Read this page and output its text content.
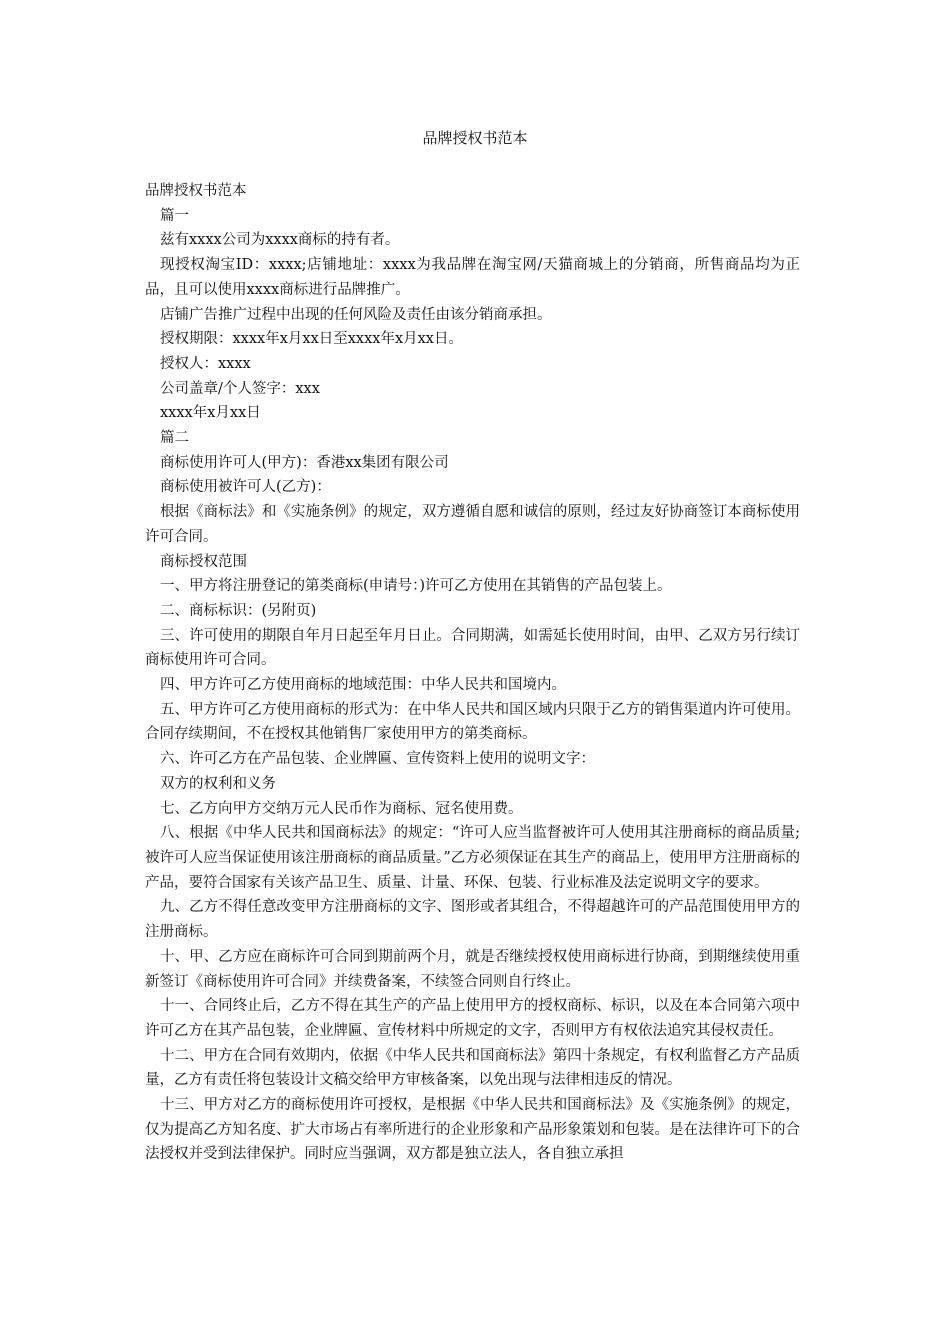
品牌授权书范本

品牌授权书范本

篇一

兹有xxxx公司为xxxx商标的持有者。

现授权淘宝ID：xxxx;店铺地址：xxxx为我品牌在淘宝网/天猫商城上的分销商，所售商品均为正品，且可以使用xxxx商标进行品牌推广。

店铺广告推广过程中出现的任何风险及责任由该分销商承担。

授权期限：xxxx年x月xx日至xxxx年x月xx日。

授权人：xxxx

公司盖章/个人签字：xxx

xxxx年x月xx日

篇二

商标使用许可人(甲方)：香港xx集团有限公司

商标使用被许可人(乙方)：

根据《商标法》和《实施条例》的规定，双方遵循自愿和诚信的原则，经过友好协商签订本商标使用许可合同。

商标授权范围

一、甲方将注册登记的第类商标(申请号：)许可乙方使用在其销售的产品包装上。

二、商标标识：(另附页)

三、许可使用的期限自年月日起至年月日止。合同期满，如需延长使用时间，由甲、乙双方另行续订商标使用许可合同。

四、甲方许可乙方使用商标的地域范围：中华人民共和国境内。

五、甲方许可乙方使用商标的形式为：在中华人民共和国区域内只限于乙方的销售渠道内许可使用。合同存续期间，不在授权其他销售厂家使用甲方的第类商标。

六、许可乙方在产品包装、企业牌匾、宣传资料上使用的说明文字：

双方的权利和义务

七、乙方向甲方交纳万元人民币作为商标、冠名使用费。

八、根据《中华人民共和国商标法》的规定：“许可人应当监督被许可人使用其注册商标的商品质量;被许可人应当保证使用该注册商标的商品质量。”乙方必须保证在其生产的商品上，使用甲方注册商标的产品，要符合国家有关该产品卫生、质量、计量、环保、包装、行业标准及法定说明文字的要求。

九、乙方不得任意改变甲方注册商标的文字、图形或者其组合，不得超越许可的产品范围使用甲方的注册商标。

十、甲、乙方应在商标许可合同到期前两个月，就是否继续授权使用商标进行协商，到期继续使用重新签订《商标使用许可合同》并续费备案，不续签合同则自行终止。

十一、合同终止后，乙方不得在其生产的产品上使用甲方的授权商标、标识，以及在本合同第六项中许可乙方在其产品包装，企业牌匾、宣传材料中所规定的文字，否则甲方有权依法追究其侵权责任。

十二、甲方在合同有效期内，依据《中华人民共和国商标法》第四十条规定，有权利监督乙方产品质量，乙方有责任将包装设计文稿交给甲方审核备案，以免出现与法律相违反的情况。

十三、甲方对乙方的商标使用许可授权，是根据《中华人民共和国商标法》及《实施条例》的规定，仅为提高乙方知名度、扩大市场占有率所进行的企业形象和产品形象策划和包装。是在法律许可下的合法授权并受到法律保护。同时应当强调，双方都是独立法人，各自独立承担
